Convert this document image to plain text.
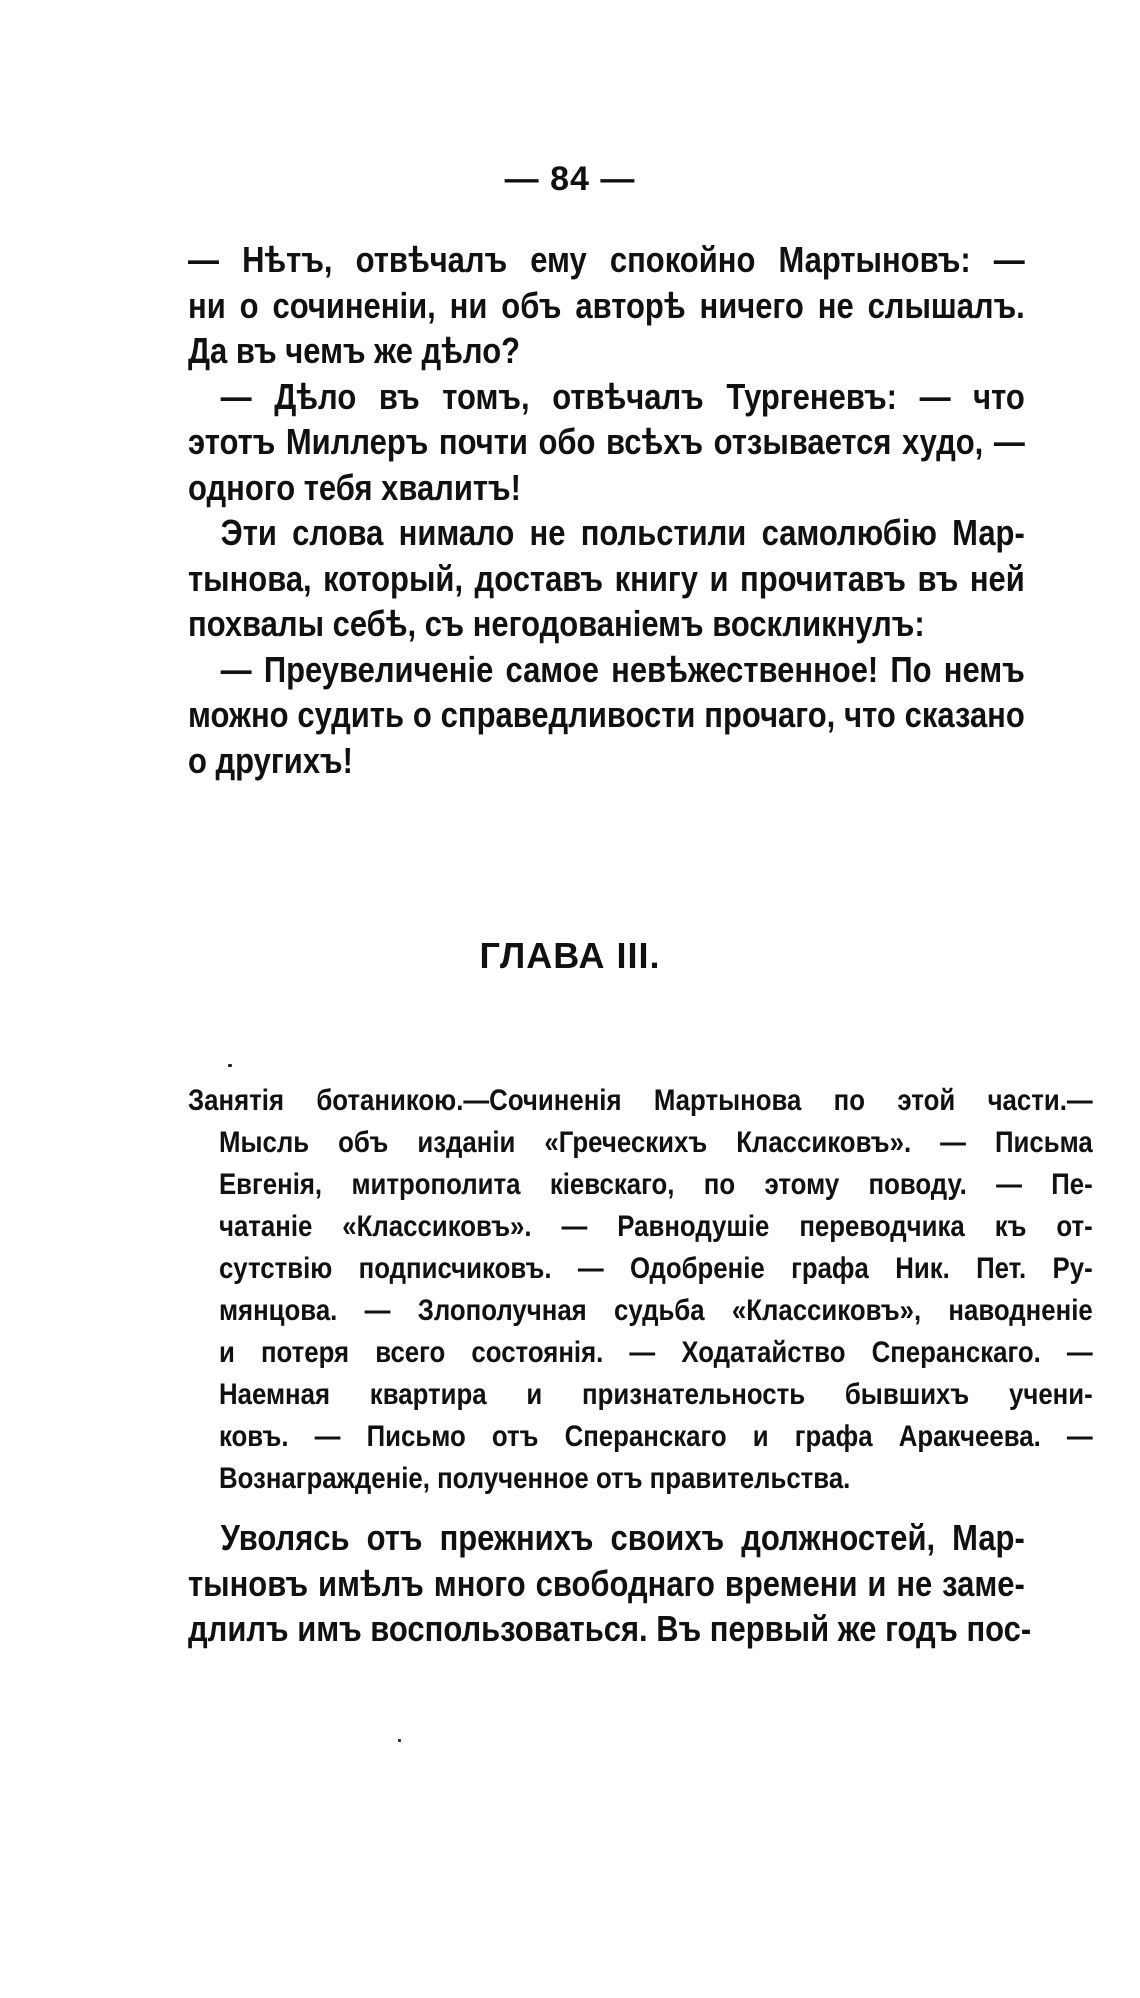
— 84 —
— Нѣтъ, отвѣчалъ ему спокойно Мартыновъ: —
ни о сочиненіи, ни объ авторѣ ничего не слышалъ.
Да въ чемъ же дѣло?
— Дѣло въ томъ, отвѣчалъ Тургеневъ: — что
этотъ Миллеръ почти обо всѣхъ отзывается худо, —
одного тебя хвалитъ!
Эти слова нимало не польстили самолюбію Мар-
тынова, который, доставъ книгу и прочитавъ въ ней
похвалы себѣ, съ негодованіемъ воскликнулъ:
— Преувеличеніе самое невѣжественное! По немъ
можно судить о справедливости прочаго, что сказано
о другихъ!
ГЛАВА III.
Занятія ботаникою.—Сочиненія Мартынова по этой части.—
Мысль объ изданіи «Греческихъ Классиковъ». — Письма
Евгенія, митрополита кіевскаго, по этому поводу. — Пе-
чатаніе «Классиковъ». — Равнодушіе переводчика къ от-
сутствію подписчиковъ. — Одобреніе графа Ник. Пет. Ру-
мянцова. — Злополучная судьба «Классиковъ», наводненіе
и потеря всего состоянія. — Ходатайство Сперанскаго. —
Наемная квартира и признательность бывшихъ учени-
ковъ. — Письмо отъ Сперанскаго и графа Аракчеева. —
Вознагражденіе, полученное отъ правительства.
Уволясь отъ прежнихъ своихъ должностей, Мар-
тыновъ имѣлъ много свободнаго времени и не заме-
длилъ имъ воспользоваться. Въ первый же годъ пос-
